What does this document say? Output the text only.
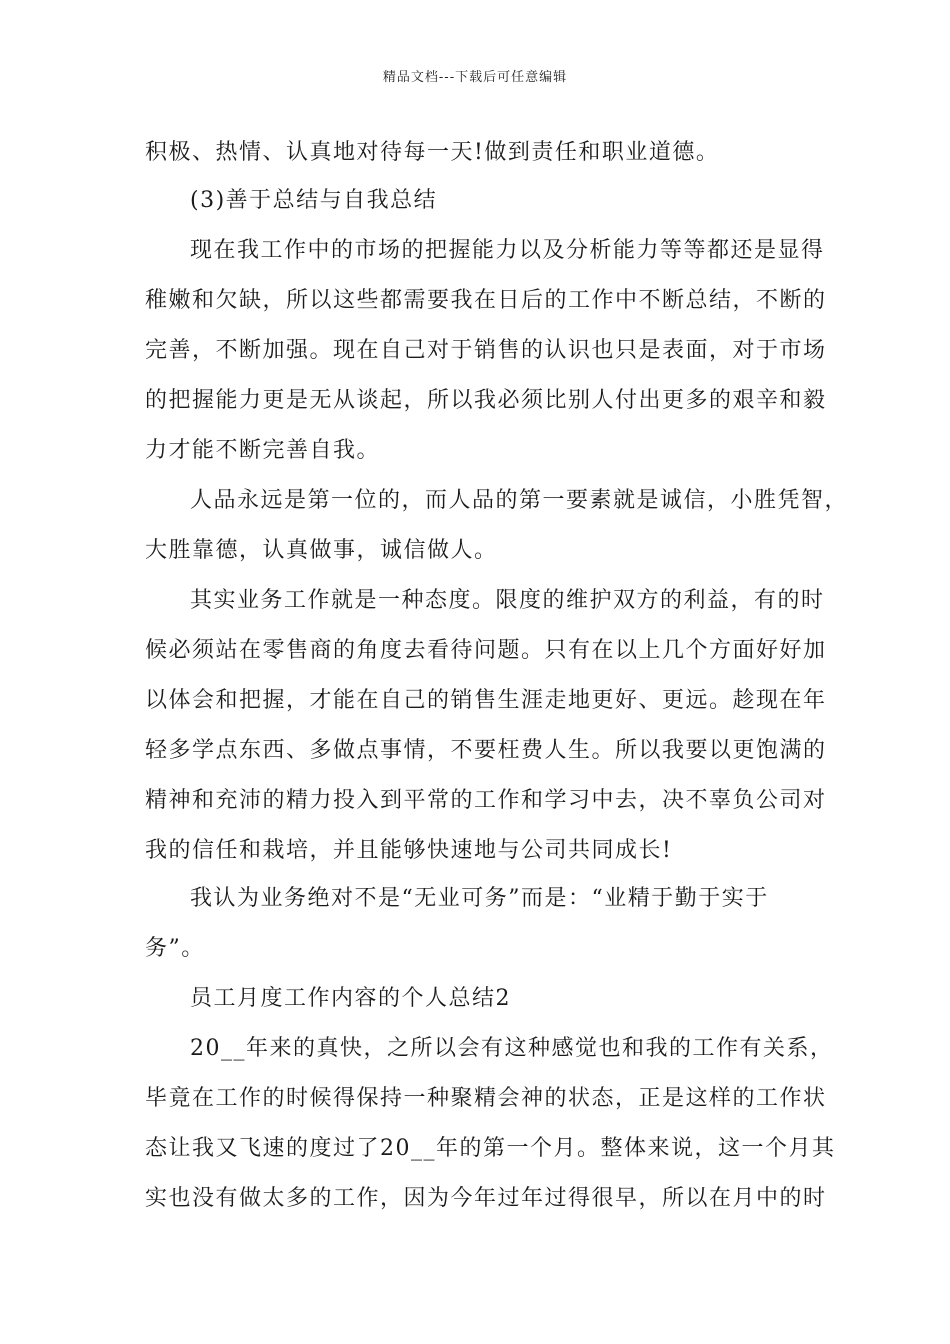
精品文档---下载后可任意编辑
积极、热情、认真地对待每一天!做到责任和职业道德。
(3)善于总结与自我总结
现在我工作中的市场的把握能力以及分析能力等等都还是显得
稚嫩和欠缺，所以这些都需要我在日后的工作中不断总结，不断的
完善，不断加强。现在自己对于销售的认识也只是表面，对于市场
的把握能力更是无从谈起，所以我必须比别人付出更多的艰辛和毅
力才能不断完善自我。
人品永远是第一位的，而人品的第一要素就是诚信，小胜凭智，
大胜靠德，认真做事，诚信做人。
其实业务工作就是一种态度。限度的维护双方的利益，有的时
候必须站在零售商的角度去看待问题。只有在以上几个方面好好加
以体会和把握，才能在自己的销售生涯走地更好、更远。趁现在年
轻多学点东西、多做点事情，不要枉费人生。所以我要以更饱满的
精神和充沛的精力投入到平常的工作和学习中去，决不辜负公司对
我的信任和栽培，并且能够快速地与公司共同成长!
我认为业务绝对不是“无业可务”而是：“业精于勤于实于
务”。
员工月度工作内容的个人总结2
20__年来的真快，之所以会有这种感觉也和我的工作有关系，
毕竟在工作的时候得保持一种聚精会神的状态，正是这样的工作状
态让我又飞速的度过了20__年的第一个月。整体来说，这一个月其
实也没有做太多的工作，因为今年过年过得很早，所以在月中的时
